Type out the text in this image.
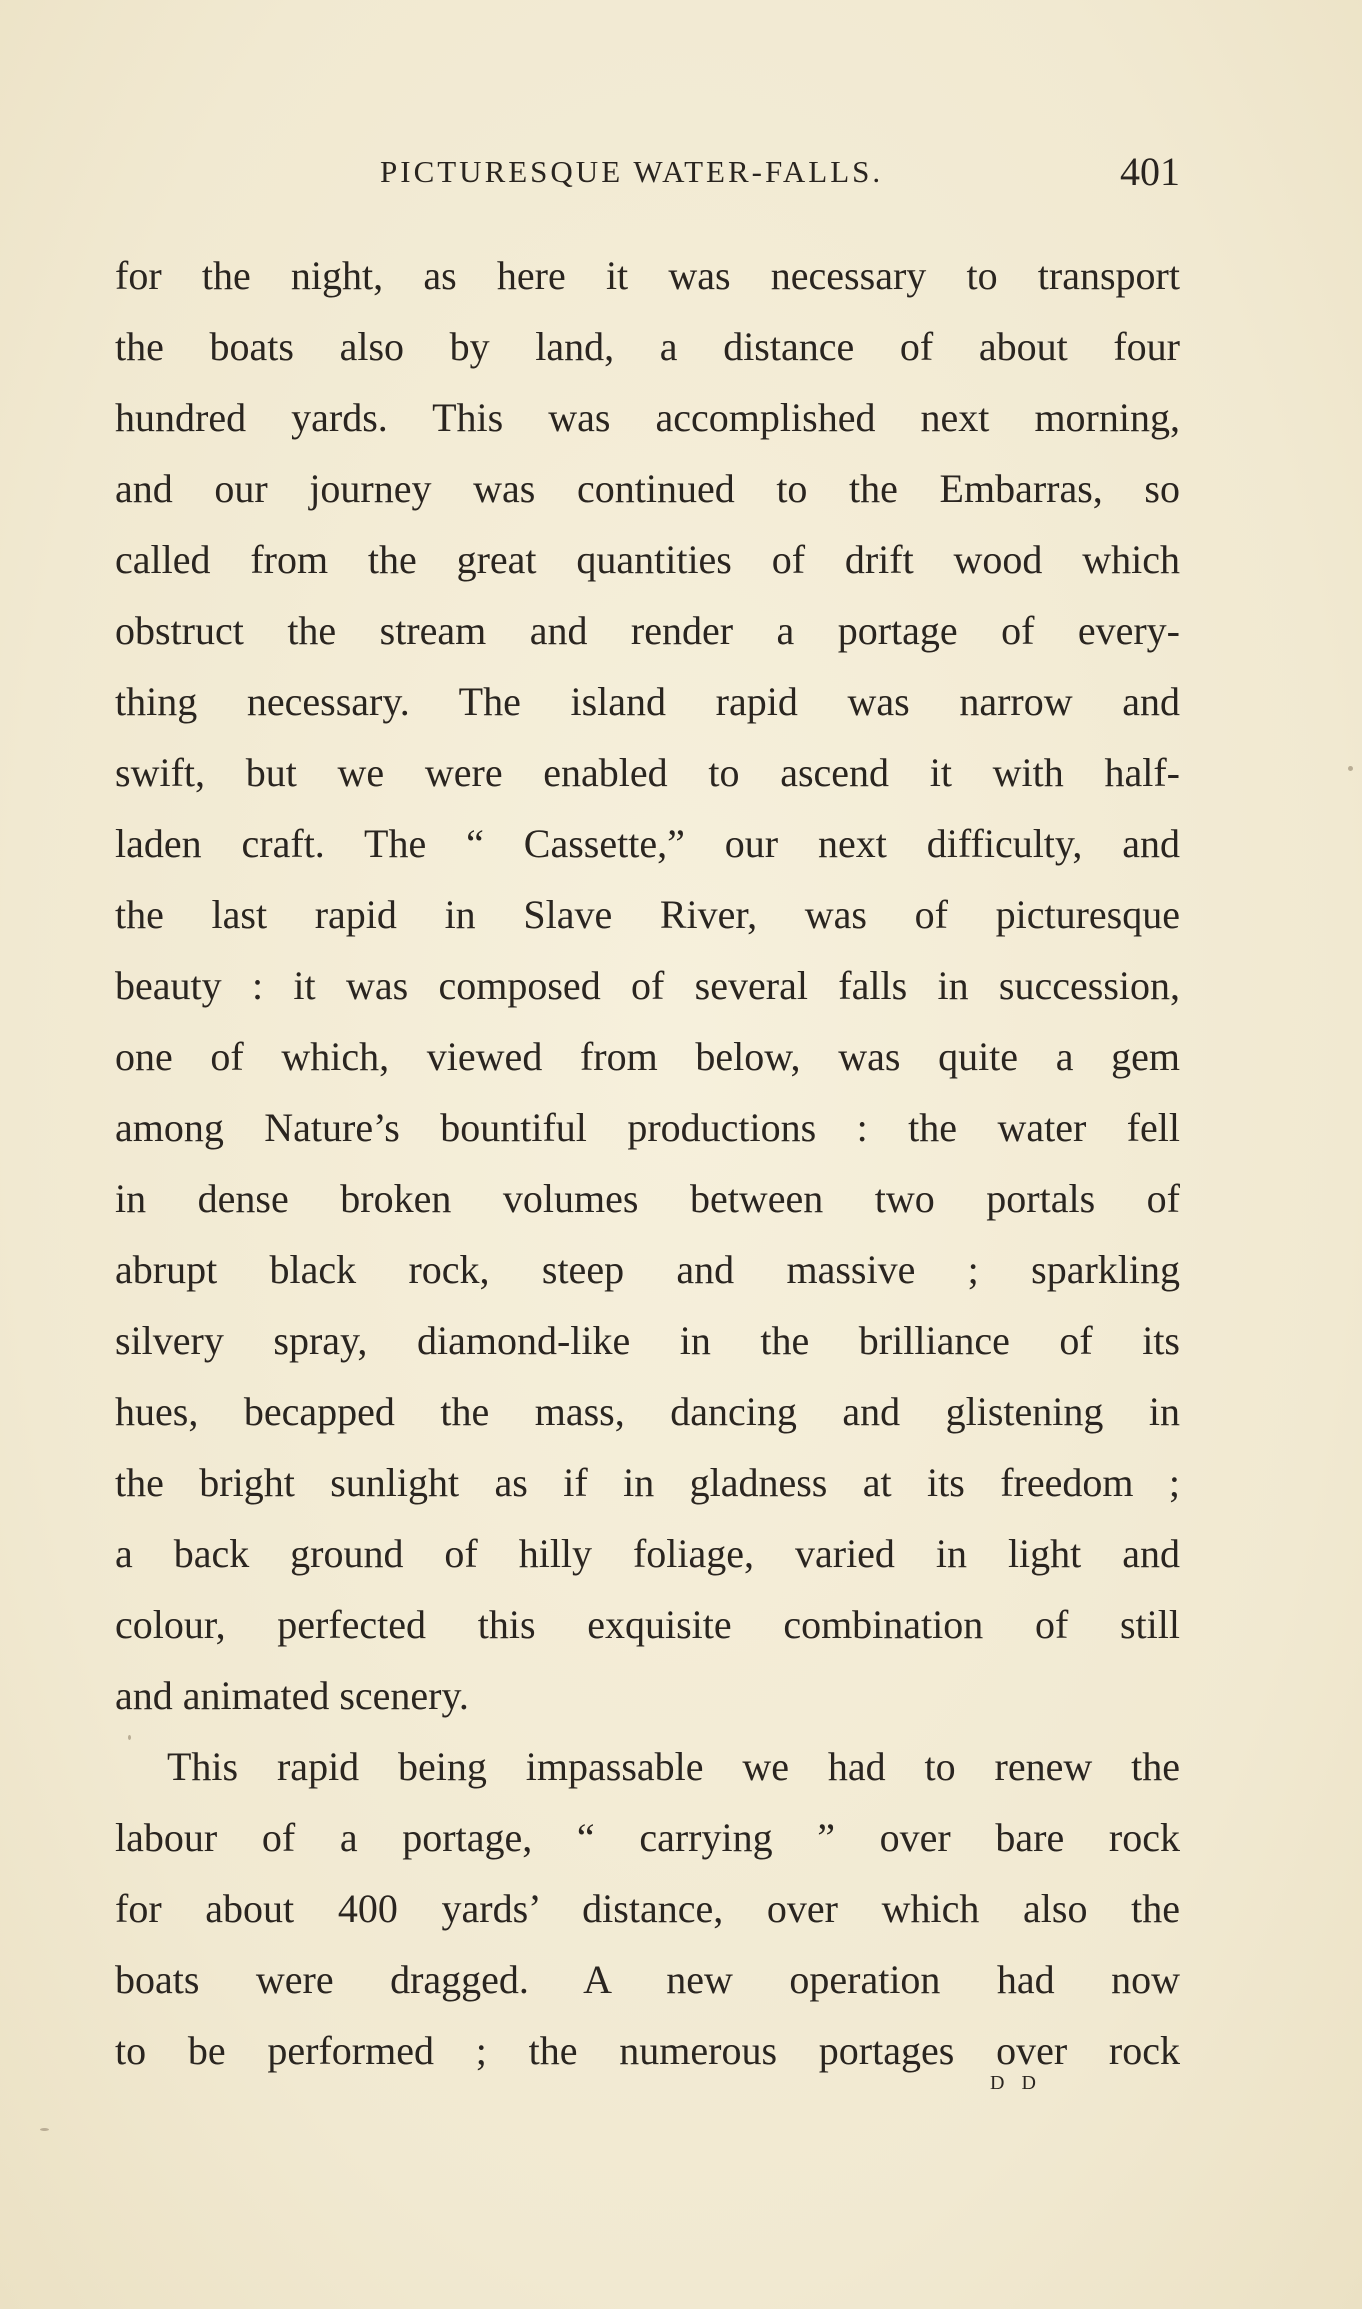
PICTURESQUE WATER-FALLS.	401
for the night, as here it was necessary to transport
the boats also by land, a distance of about four
hundred yards. This was accomplished next morning,
and our journey was continued to the Embarras, so
called from the great quantities of drift wood which
obstruct the stream and render a portage of every-
thing necessary. The island rapid was narrow and
swift, but we were enabled to ascend it with half-
laden craft. The “ Cassette,” our next difficulty, and
the last rapid in Slave River, was of picturesque
beauty : it was composed of several falls in succession,
one of which, viewed from below, was quite a gem
among Nature’s bountiful productions : the water fell
in dense broken volumes between two portals of
abrupt black rock, steep and massive ; sparkling
silvery spray, diamond-like in the brilliance of its
hues, becapped the mass, dancing and glistening in
the bright sunlight as if in gladness at its freedom ;
a back ground of hilly foliage, varied in light and
colour, perfected this exquisite combination of still
and animated scenery.
This rapid being impassable we had to renew the
labour of a portage, “ carrying ” over bare rock
for about 400 yards’ distance, over which also the
boats were dragged. A new operation had now
to be performed ; the numerous portages over rock
D D
